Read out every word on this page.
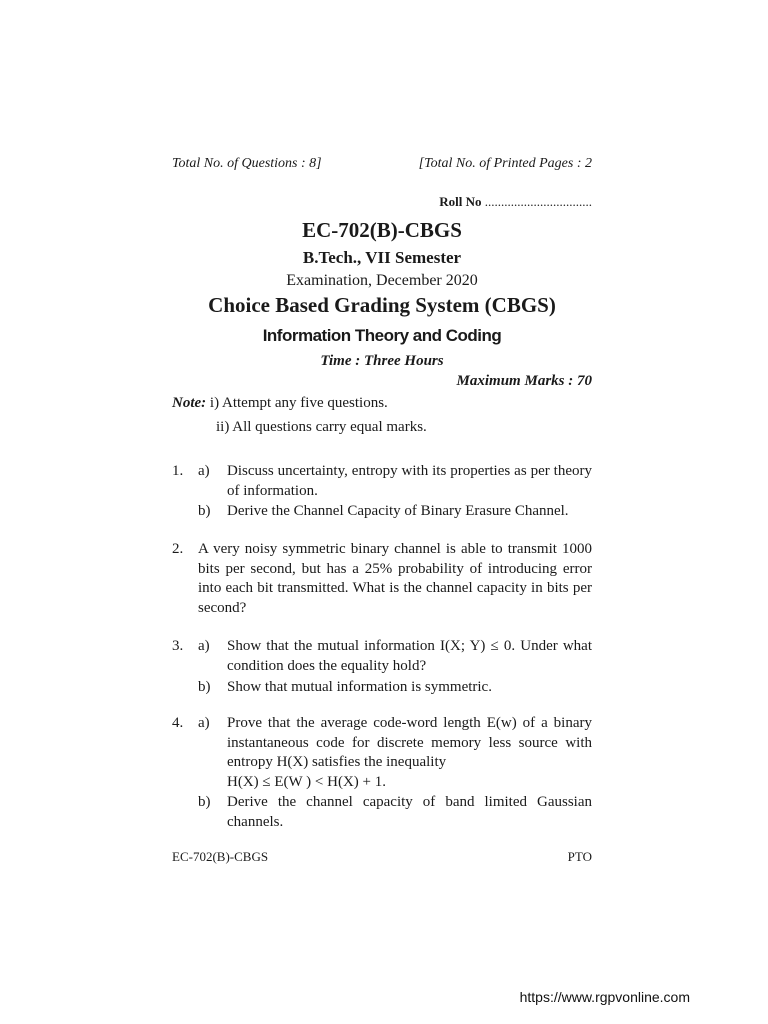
Total No. of Questions : 8]	[Total No. of Printed Pages : 2
Roll No .................................
EC-702(B)-CBGS
B.Tech., VII Semester
Examination, December 2020
Choice Based Grading System (CBGS)
Information Theory and Coding
Time : Three Hours
Maximum Marks : 70
Note: i) Attempt any five questions.
ii) All questions carry equal marks.
1. a) Discuss uncertainty, entropy with its properties as per theory of information.
b) Derive the Channel Capacity of Binary Erasure Channel.
2. A very noisy symmetric binary channel is able to transmit 1000 bits per second, but has a 25% probability of introducing error into each bit transmitted. What is the channel capacity in bits per second?
3. a) Show that the mutual information I(X; Y) ≤ 0. Under what condition does the equality hold?
b) Show that mutual information is symmetric.
4. a) Prove that the average code-word length E(w) of a binary instantaneous code for discrete memory less source with entropy H(X) satisfies the inequality
H(X) ≤ E(W ) < H(X) + 1.
b) Derive the channel capacity of band limited Gaussian channels.
EC-702(B)-CBGS	PTO
https://www.rgpvonline.com
